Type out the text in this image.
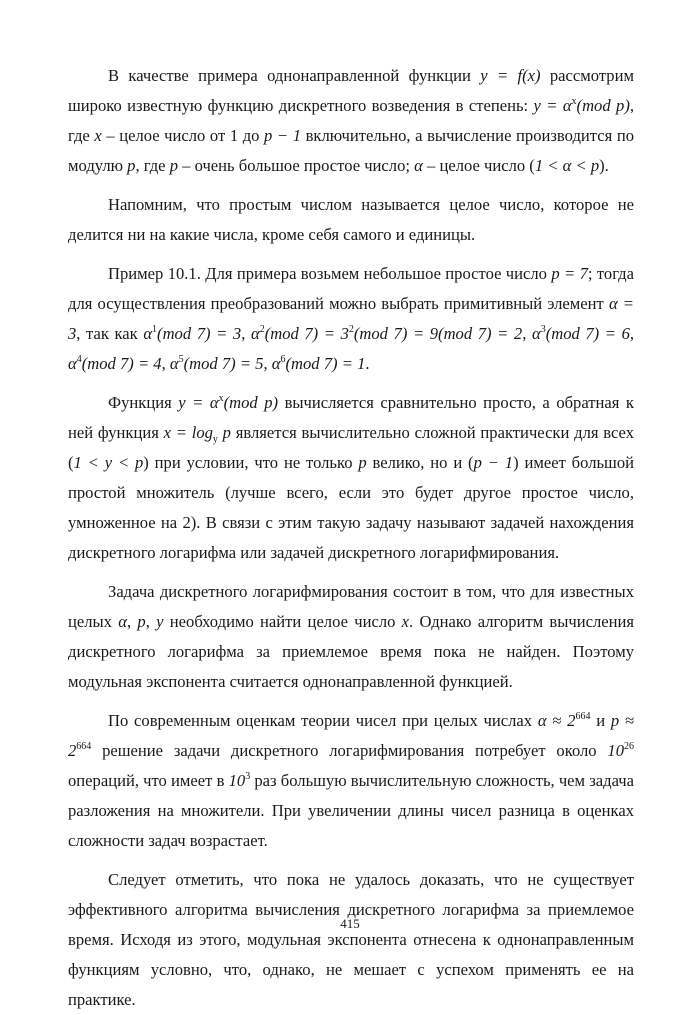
В качестве примера однонаправленной функции y = f(x) рассмотрим широко известную функцию дискретного возведения в степень: $y = \alpha^x(mod$ p), где x – целое число от 1 до p − 1 включительно, а вычисление производится по модулю p, где p – очень большое простое число; α – целое число (1 < α < p).

Напомним, что простым числом называется целое число, которое не делится ни на какие числа, кроме себя самого и единицы.

Пример 10.1. Для примера возьмем небольшое простое число p = 7; тогда для осуществления преобразований можно выбрать примитивный элемент α = 3, так как $\alpha^1(mod$ 7) = 3, $\alpha^2(mod$ $7) = 3^2(mod$ 7) = 9(mod 7) = 2, $\alpha^3(mod$ 7) = 6, $\alpha^4(mod$ 7) = 4, $\alpha^5(mod$ 7) = 5, $\alpha^6(mod$ 7) = 1.

Функция $y = \alpha^x(mod$ p) вычисляется сравнительно просто, а обратная к ней функция $x = \log_y p$ является вычислительно сложной практически для всех (1 < y < p) при условии, что не только p велико, но и (p − 1) имеет большой простой множитель (лучше всего, если это будет другое простое число, умноженное на 2). В связи с этим такую задачу называют задачей нахождения дискретного логарифма или задачей дискретного логарифмирования.

Задача дискретного логарифмирования состоит в том, что для известных целых α, p, y необходимо найти целое число x. Однако алгоритм вычисления дискретного логарифма за приемлемое время пока не найден. Поэтому модульная экспонента считается однонаправленной функцией.

По современным оценкам теории чисел при целых числах $\alpha \approx 2^{664}$ и $p \approx 2^{664}$ решение задачи дискретного логарифмирования потребует около $10^{26}$ операций, что имеет в $10^3$ раз большую вычислительную сложность, чем задача разложения на множители. При увеличении длины чисел разница в оценках сложности задач возрастает.

Следует отметить, что пока не удалось доказать, что не существует эффективного алгоритма вычисления дискретного логарифма за приемлемое время. Исходя из этого, модульная экспонента отнесена к однонаправленным функциям условно, что, однако, не мешает с успехом применять ее на практике.

415
